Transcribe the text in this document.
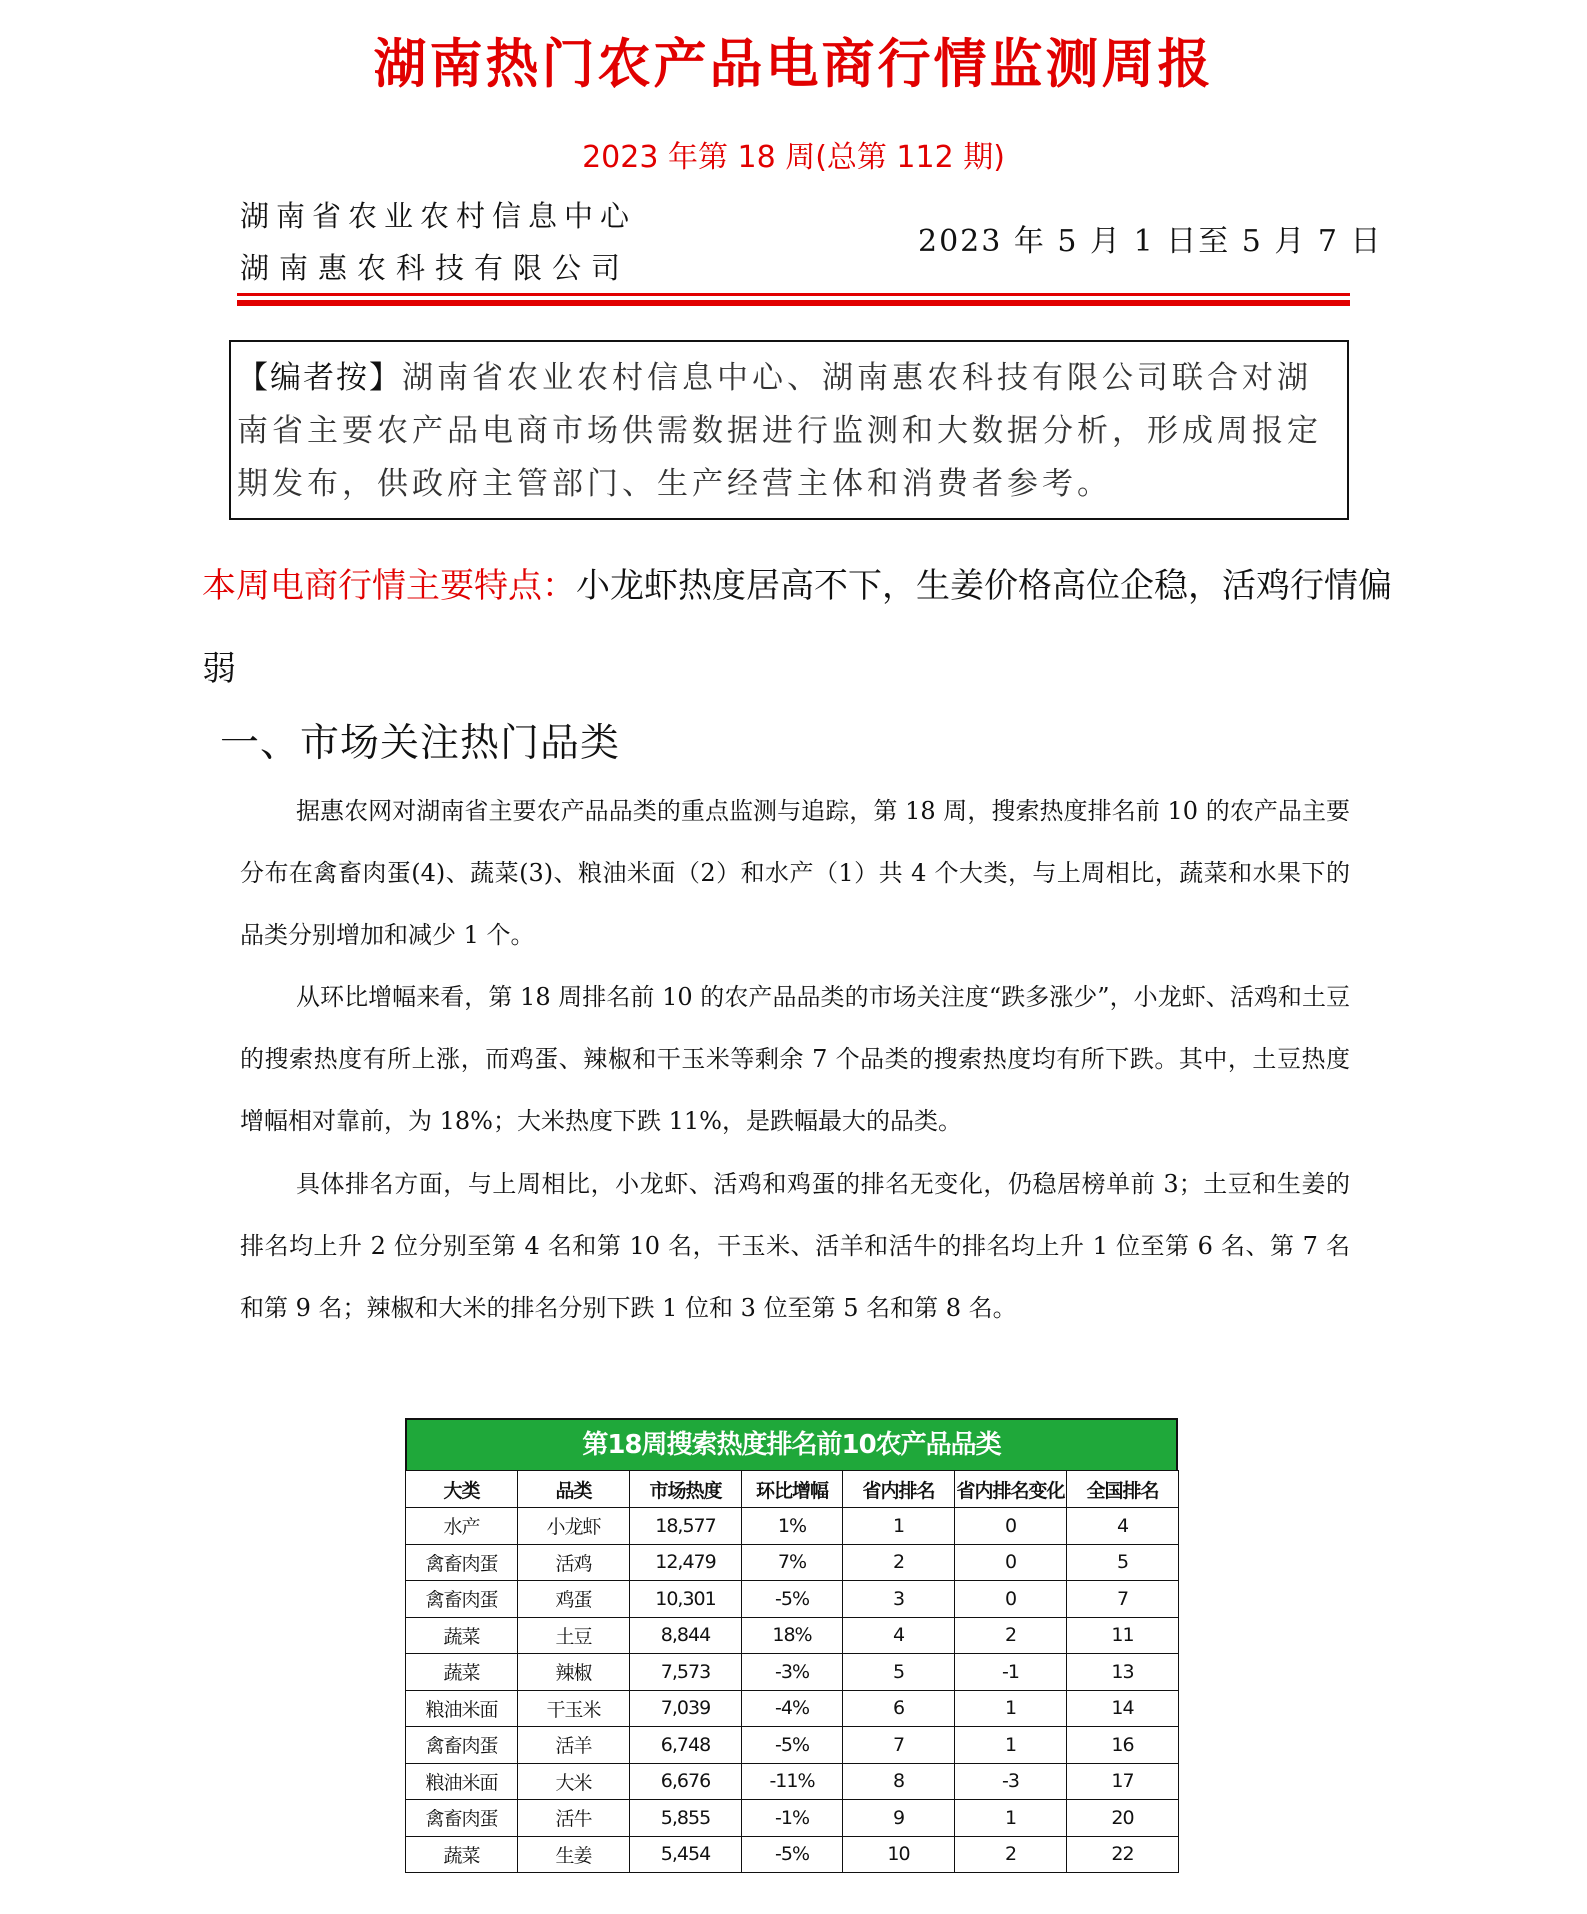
湖南热门农产品电商行情监测周报
2023 年第 18 周(总第 112 期)
湖南省农业农村信息中心
湖南惠农科技有限公司
2023 年 5 月 1 日至 5 月 7 日
【编者按】湖南省农业农村信息中心、湖南惠农科技有限公司联合对湖南省主要农产品电商市场供需数据进行监测和大数据分析，形成周报定期发布，供政府主管部门、生产经营主体和消费者参考。
本周电商行情主要特点：小龙虾热度居高不下，生姜价格高位企稳，活鸡行情偏弱
一、市场关注热门品类
据惠农网对湖南省主要农产品品类的重点监测与追踪，第 18 周，搜索热度排名前 10 的农产品主要分布在禽畜肉蛋(4)、蔬菜(3)、粮油米面（2）和水产（1）共 4 个大类，与上周相比，蔬菜和水果下的品类分别增加和减少 1 个。
从环比增幅来看，第 18 周排名前 10 的农产品品类的市场关注度“跌多涨少”，小龙虾、活鸡和土豆的搜索热度有所上涨，而鸡蛋、辣椒和干玉米等剩余 7 个品类的搜索热度均有所下跌。其中，土豆热度增幅相对靠前，为 18%；大米热度下跌 11%，是跌幅最大的品类。
具体排名方面，与上周相比，小龙虾、活鸡和鸡蛋的排名无变化，仍稳居榜单前 3；土豆和生姜的排名均上升 2 位分别至第 4 名和第 10 名，干玉米、活羊和活牛的排名均上升 1 位至第 6 名、第 7 名和第 9 名；辣椒和大米的排名分别下跌 1 位和 3 位至第 5 名和第 8 名。
第18周搜索热度排名前10农产品品类
大类	品类	市场热度	环比增幅	省内排名	省内排名变化	全国排名
水产	小龙虾	18,577	1%	1	0	4
禽畜肉蛋	活鸡	12,479	7%	2	0	5
禽畜肉蛋	鸡蛋	10,301	-5%	3	0	7
蔬菜	土豆	8,844	18%	4	2	11
蔬菜	辣椒	7,573	-3%	5	-1	13
粮油米面	干玉米	7,039	-4%	6	1	14
禽畜肉蛋	活羊	6,748	-5%	7	1	16
粮油米面	大米	6,676	-11%	8	-3	17
禽畜肉蛋	活牛	5,855	-1%	9	1	20
蔬菜	生姜	5,454	-5%	10	2	22
